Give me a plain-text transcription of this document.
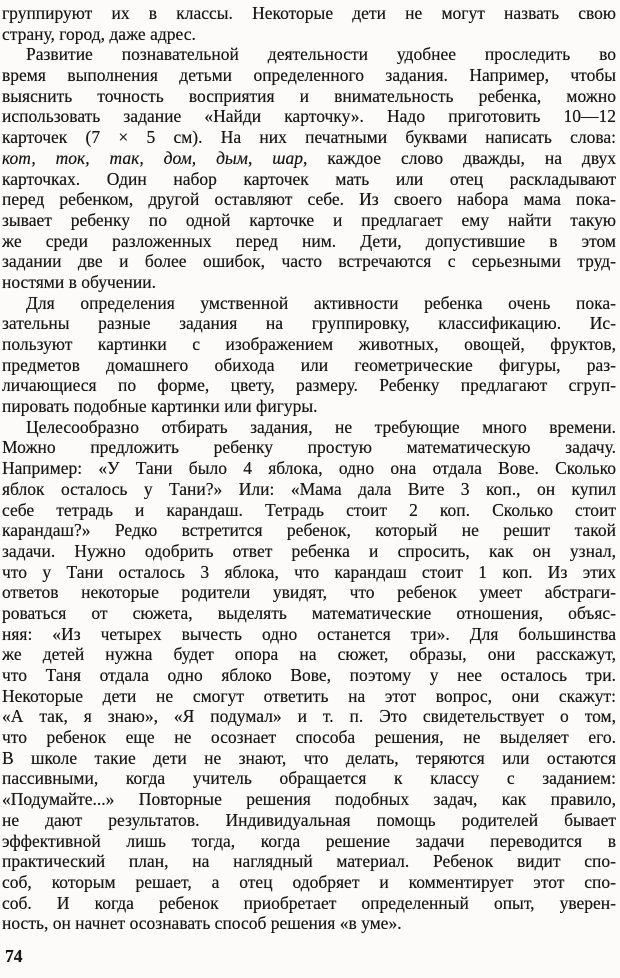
группируют их в классы. Некоторые дети не могут назвать свою
страну, город, даже адрес.
Развитие познавательной деятельности удобнее проследить во
время выполнения детьми определенного задания. Например, чтобы
выяснить точность восприятия и внимательность ребенка, можно
использовать задание «Найди карточку». Надо приготовить 10—12
карточек (7 × 5 см). На них печатными буквами написать слова:
кот, ток, так, дом, дым, шар, каждое слово дважды, на двух
карточках. Один набор карточек мать или отец раскладывают
перед ребенком, другой оставляют себе. Из своего набора мама пока-
зывает ребенку по одной карточке и предлагает ему найти такую
же среди разложенных перед ним. Дети, допустившие в этом
задании две и более ошибок, часто встречаются с серьезными труд-
ностями в обучении.
Для определения умственной активности ребенка очень пока-
зательны разные задания на группировку, классификацию. Ис-
пользуют картинки с изображением животных, овощей, фруктов,
предметов домашнего обихода или геометрические фигуры, раз-
личающиеся по форме, цвету, размеру. Ребенку предлагают сгруп-
пировать подобные картинки или фигуры.
Целесообразно отбирать задания, не требующие много времени.
Можно предложить ребенку простую математическую задачу.
Например: «У Тани было 4 яблока, одно она отдала Вове. Сколько
яблок осталось у Тани?» Или: «Мама дала Вите 3 коп., он купил
себе тетрадь и карандаш. Тетрадь стоит 2 коп. Сколько стоит
карандаш?» Редко встретится ребенок, который не решит такой
задачи. Нужно одобрить ответ ребенка и спросить, как он узнал,
что у Тани осталось 3 яблока, что карандаш стоит 1 коп. Из этих
ответов некоторые родители увидят, что ребенок умеет абстраги-
роваться от сюжета, выделять математические отношения, объяс-
няя: «Из четырех вычесть одно останется три». Для большинства
же детей нужна будет опора на сюжет, образы, они расскажут,
что Таня отдала одно яблоко Вове, поэтому у нее осталось три.
Некоторые дети не смогут ответить на этот вопрос, они скажут:
«А так, я знаю», «Я подумал» и т. п. Это свидетельствует о том,
что ребенок еще не осознает способа решения, не выделяет его.
В школе такие дети не знают, что делать, теряются или остаются
пассивными, когда учитель обращается к классу с заданием:
«Подумайте...» Повторные решения подобных задач, как правило,
не дают результатов. Индивидуальная помощь родителей бывает
эффективной лишь тогда, когда решение задачи переводится в
практический план, на наглядный материал. Ребенок видит спо-
соб, которым решает, а отец одобряет и комментирует этот спо-
соб. И когда ребенок приобретает определенный опыт, уверен-
ность, он начнет осознавать способ решения «в уме».
74
